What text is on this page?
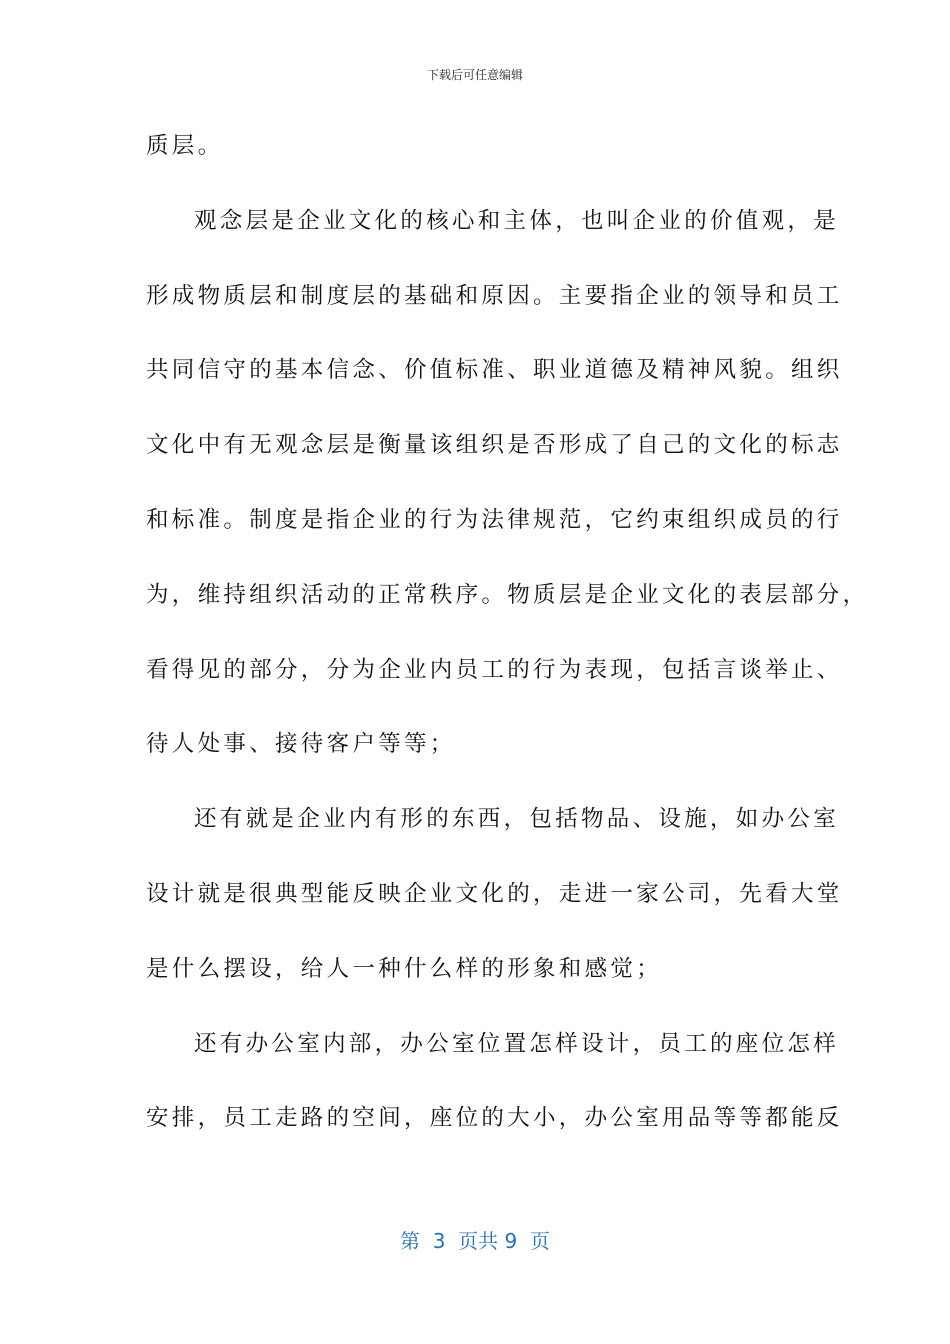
下载后可任意编辑
质层。
观念层是企业文化的核心和主体，也叫企业的价值观，是
形成物质层和制度层的基础和原因。主要指企业的领导和员工
共同信守的基本信念、价值标准、职业道德及精神风貌。组织
文化中有无观念层是衡量该组织是否形成了自己的文化的标志
和标准。制度是指企业的行为法律规范，它约束组织成员的行
为，维持组织活动的正常秩序。物质层是企业文化的表层部分，
看得见的部分，分为企业内员工的行为表现，包括言谈举止、
待人处事、接待客户等等；
还有就是企业内有形的东西，包括物品、设施，如办公室
设计就是很典型能反映企业文化的，走进一家公司，先看大堂
是什么摆设，给人一种什么样的形象和感觉；
还有办公室内部，办公室位置怎样设计，员工的座位怎样
安排，员工走路的空间，座位的大小，办公室用品等等都能反
第  3  页共 9  页
